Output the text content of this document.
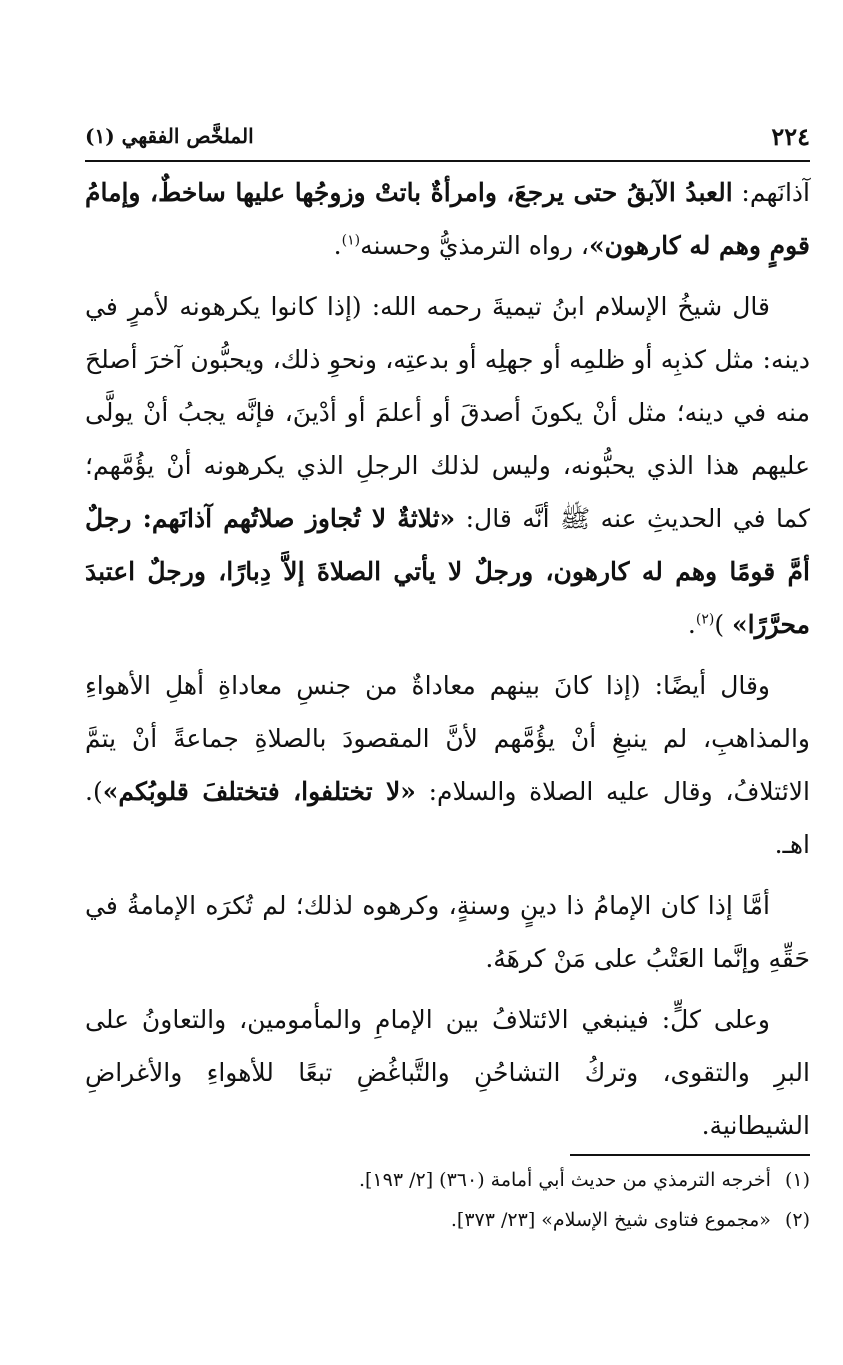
الملخَّص الفقهي (١)	٢٢٤

آذانَهم: العبدُ الآبقُ حتى يرجعَ، وامرأةٌ باتتْ وزوجُها عليها ساخطٌ، وإمامُ قومٍ وهم له كارهون»، رواه الترمذيُّ وحسنه$^{(١)}$.

قال شيخُ الإسلام ابنُ تيميةَ رحمه الله: (إذا كانوا يكرهونه لأمرٍ في دينه: مثل كذبِه أو ظلمِه أو جهلِه أو بدعتِه، ونحوِ ذلك، ويحبُّون آخرَ أصلحَ منه في دينه؛ مثل أنْ يكونَ أصدقَ أو أعلمَ أو أدْينَ، فإنَّه يجبُ أنْ يولَّى عليهم هذا الذي يحبُّونه، وليس لذلك الرجلِ الذي يكرهونه أنْ يؤُمَّهم؛ كما في الحديثِ عنه ﷺ أنَّه قال: «ثلاثةٌ لا تُجاوز صلاتُهم آذانَهم: رجلٌ أمَّ قومًا وهم له كارهون، ورجلٌ لا يأتي الصلاةَ إلاَّ دِبارًا، ورجلٌ اعتبدَ محرَّرًا» )$^{(٢)}$.

وقال أيضًا: (إذا كانَ بينهم معاداةٌ من جنسِ معاداةِ أهلِ الأهواءِ والمذاهبِ، لم ينبغِ أنْ يؤُمَّهم لأنَّ المقصودَ بالصلاةِ جماعةً أنْ يتمَّ الائتلافُ، وقال عليه الصلاة والسلام: «لا تختلفوا، فتختلفَ قلوبُكم»). اهـ.

أمَّا إذا كان الإمامُ ذا دينٍ وسنةٍ، وكرهوه لذلك؛ لم تُكرَه الإمامةُ في حَقِّهِ وإنَّما العَتْبُ على مَنْ كرهَهُ.

وعلى كلٍّ: فينبغي الائتلافُ بين الإمامِ والمأمومين، والتعاونُ على البرِ والتقوى، وتركُ التشاحُنِ والتَّباغُضِ تبعًا للأهواءِ والأغراضِ الشيطانية.

(١)
أخرجه الترمذي من حديث أبي أمامة (٣٦٠) [٢/ ١٩٣].
(٢)
«مجموع فتاوى شيخ الإسلام» [٢٣/ ٣٧٣].
